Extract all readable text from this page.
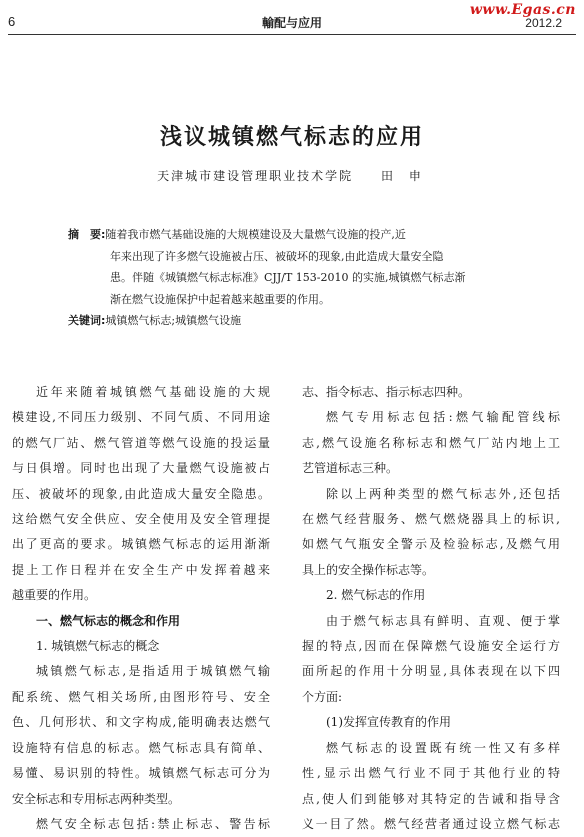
6	輸配与应用
www.Egas.cn
2012.2
浅议城镇燃气标志的应用
天津城市建设管理职业技术学院 田 申
摘　要:随着我市燃气基础设施的大规模建设及大量燃气设施的投产,近
年来出现了许多燃气设施被占压、被破坏的现象,由此造成大量安全隐
患。伴随《城镇燃气标志标准》CJJ/T 153-2010 的实施,城镇燃气标志渐
渐在燃气设施保护中起着越来越重要的作用。
关键词:城镇燃气标志;城镇燃气设施
近年来随着城镇燃气基础设施的大规
模建设,不同压力级别、不同气质、不同用途
的燃气厂站、燃气管道等燃气设施的投运量
与日俱增。同时也出现了大量燃气设施被占
压、被破坏的现象,由此造成大量安全隐患。
这给燃气安全供应、安全使用及安全管理提
出了更高的要求。城镇燃气标志的运用渐渐
提上工作日程并在安全生产中发挥着越来
越重要的作用。
一、燃气标志的概念和作用
1. 城镇燃气标志的概念
城镇燃气标志,是指适用于城镇燃气输
配系统、燃气相关场所,由图形符号、安全
色、几何形状、和文字构成,能明确表达燃气
设施特有信息的标志。燃气标志具有简单、
易懂、易识别的特性。城镇燃气标志可分为
安全标志和专用标志两种类型。
燃气安全标志包括:禁止标志、警告标
志、指令标志、指示标志四种。
燃气专用标志包括:燃气输配管线标
志,燃气设施名称标志和燃气厂站内地上工
艺管道标志三种。
除以上两种类型的燃气标志外,还包括
在燃气经营服务、燃气燃烧器具上的标识,
如燃气气瓶安全警示及检验标志,及燃气用
具上的安全操作标志等。
2. 燃气标志的作用
由于燃气标志具有鲜明、直观、便于掌
握的特点,因而在保障燃气设施安全运行方
面所起的作用十分明显,具体表现在以下四
个方面:
(1)发挥宣传教育的作用
燃气标志的设置既有统一性又有多样
性,显示出燃气行业不同于其他行业的特
点,使人们到能够对其特定的告诫和指导含
义一目了然。燃气经营者通过设立燃气标志
